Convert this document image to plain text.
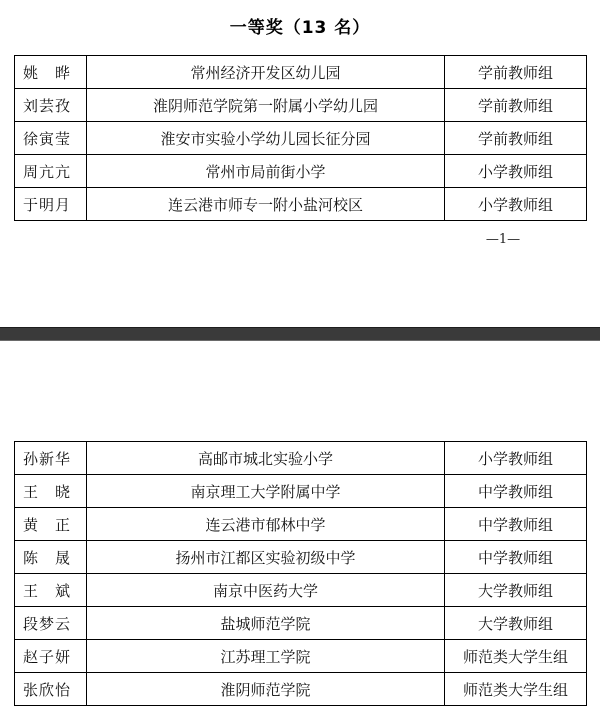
一等奖（13 名）
姚　晔	常州经济开发区幼儿园	学前教师组
刘芸孜	淮阴师范学院第一附属小学幼儿园	学前教师组
徐寅莹	淮安市实验小学幼儿园长征分园	学前教师组
周亢亢	常州市局前街小学	小学教师组
于明月	连云港市师专一附小盐河校区	小学教师组
—1—
孙新华	高邮市城北实验小学	小学教师组
王　晓	南京理工大学附属中学	中学教师组
黄　正	连云港市郁林中学	中学教师组
陈　晟	扬州市江都区实验初级中学	中学教师组
王　斌	南京中医药大学	大学教师组
段梦云	盐城师范学院	大学教师组
赵子妍	江苏理工学院	师范类大学生组
张欣怡	淮阴师范学院	师范类大学生组
